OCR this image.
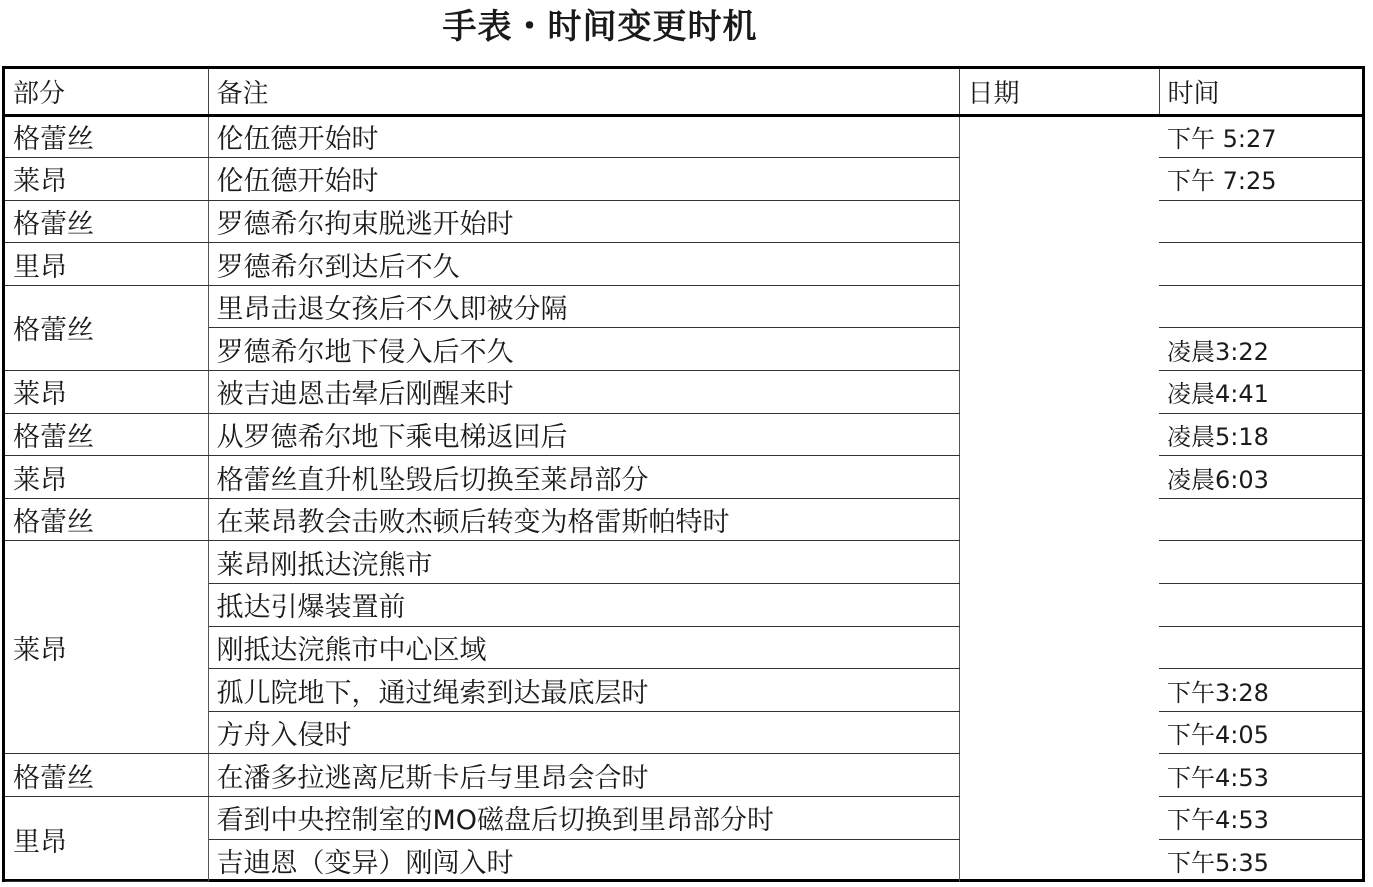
手表・时间变更时机
部分	备注	日期	时间
格蕾丝	伦伍德开始时		下午 5:27
莱昂	伦伍德开始时		下午 7:25
格蕾丝	罗德希尔拘束脱逃开始时		
里昂	罗德希尔到达后不久		
格蕾丝	里昂击退女孩后不久即被分隔		
	罗德希尔地下侵入后不久		凌晨3:22
莱昂	被吉迪恩击晕后刚醒来时		凌晨4:41
格蕾丝	从罗德希尔地下乘电梯返回后		凌晨5:18
莱昂	格蕾丝直升机坠毁后切换至莱昂部分		凌晨6:03
格蕾丝	在莱昂教会击败杰顿后转变为格雷斯帕特时		
莱昂	莱昂刚抵达浣熊市		
	抵达引爆装置前		
	刚抵达浣熊市中心区域		
	孤儿院地下，通过绳索到达最底层时		下午3:28
	方舟入侵时		下午4:05
格蕾丝	在潘多拉逃离尼斯卡后与里昂会合时		下午4:53
里昂	看到中央控制室的MO磁盘后切换到里昂部分时		下午4:53
	吉迪恩（变异）刚闯入时		下午5:35
